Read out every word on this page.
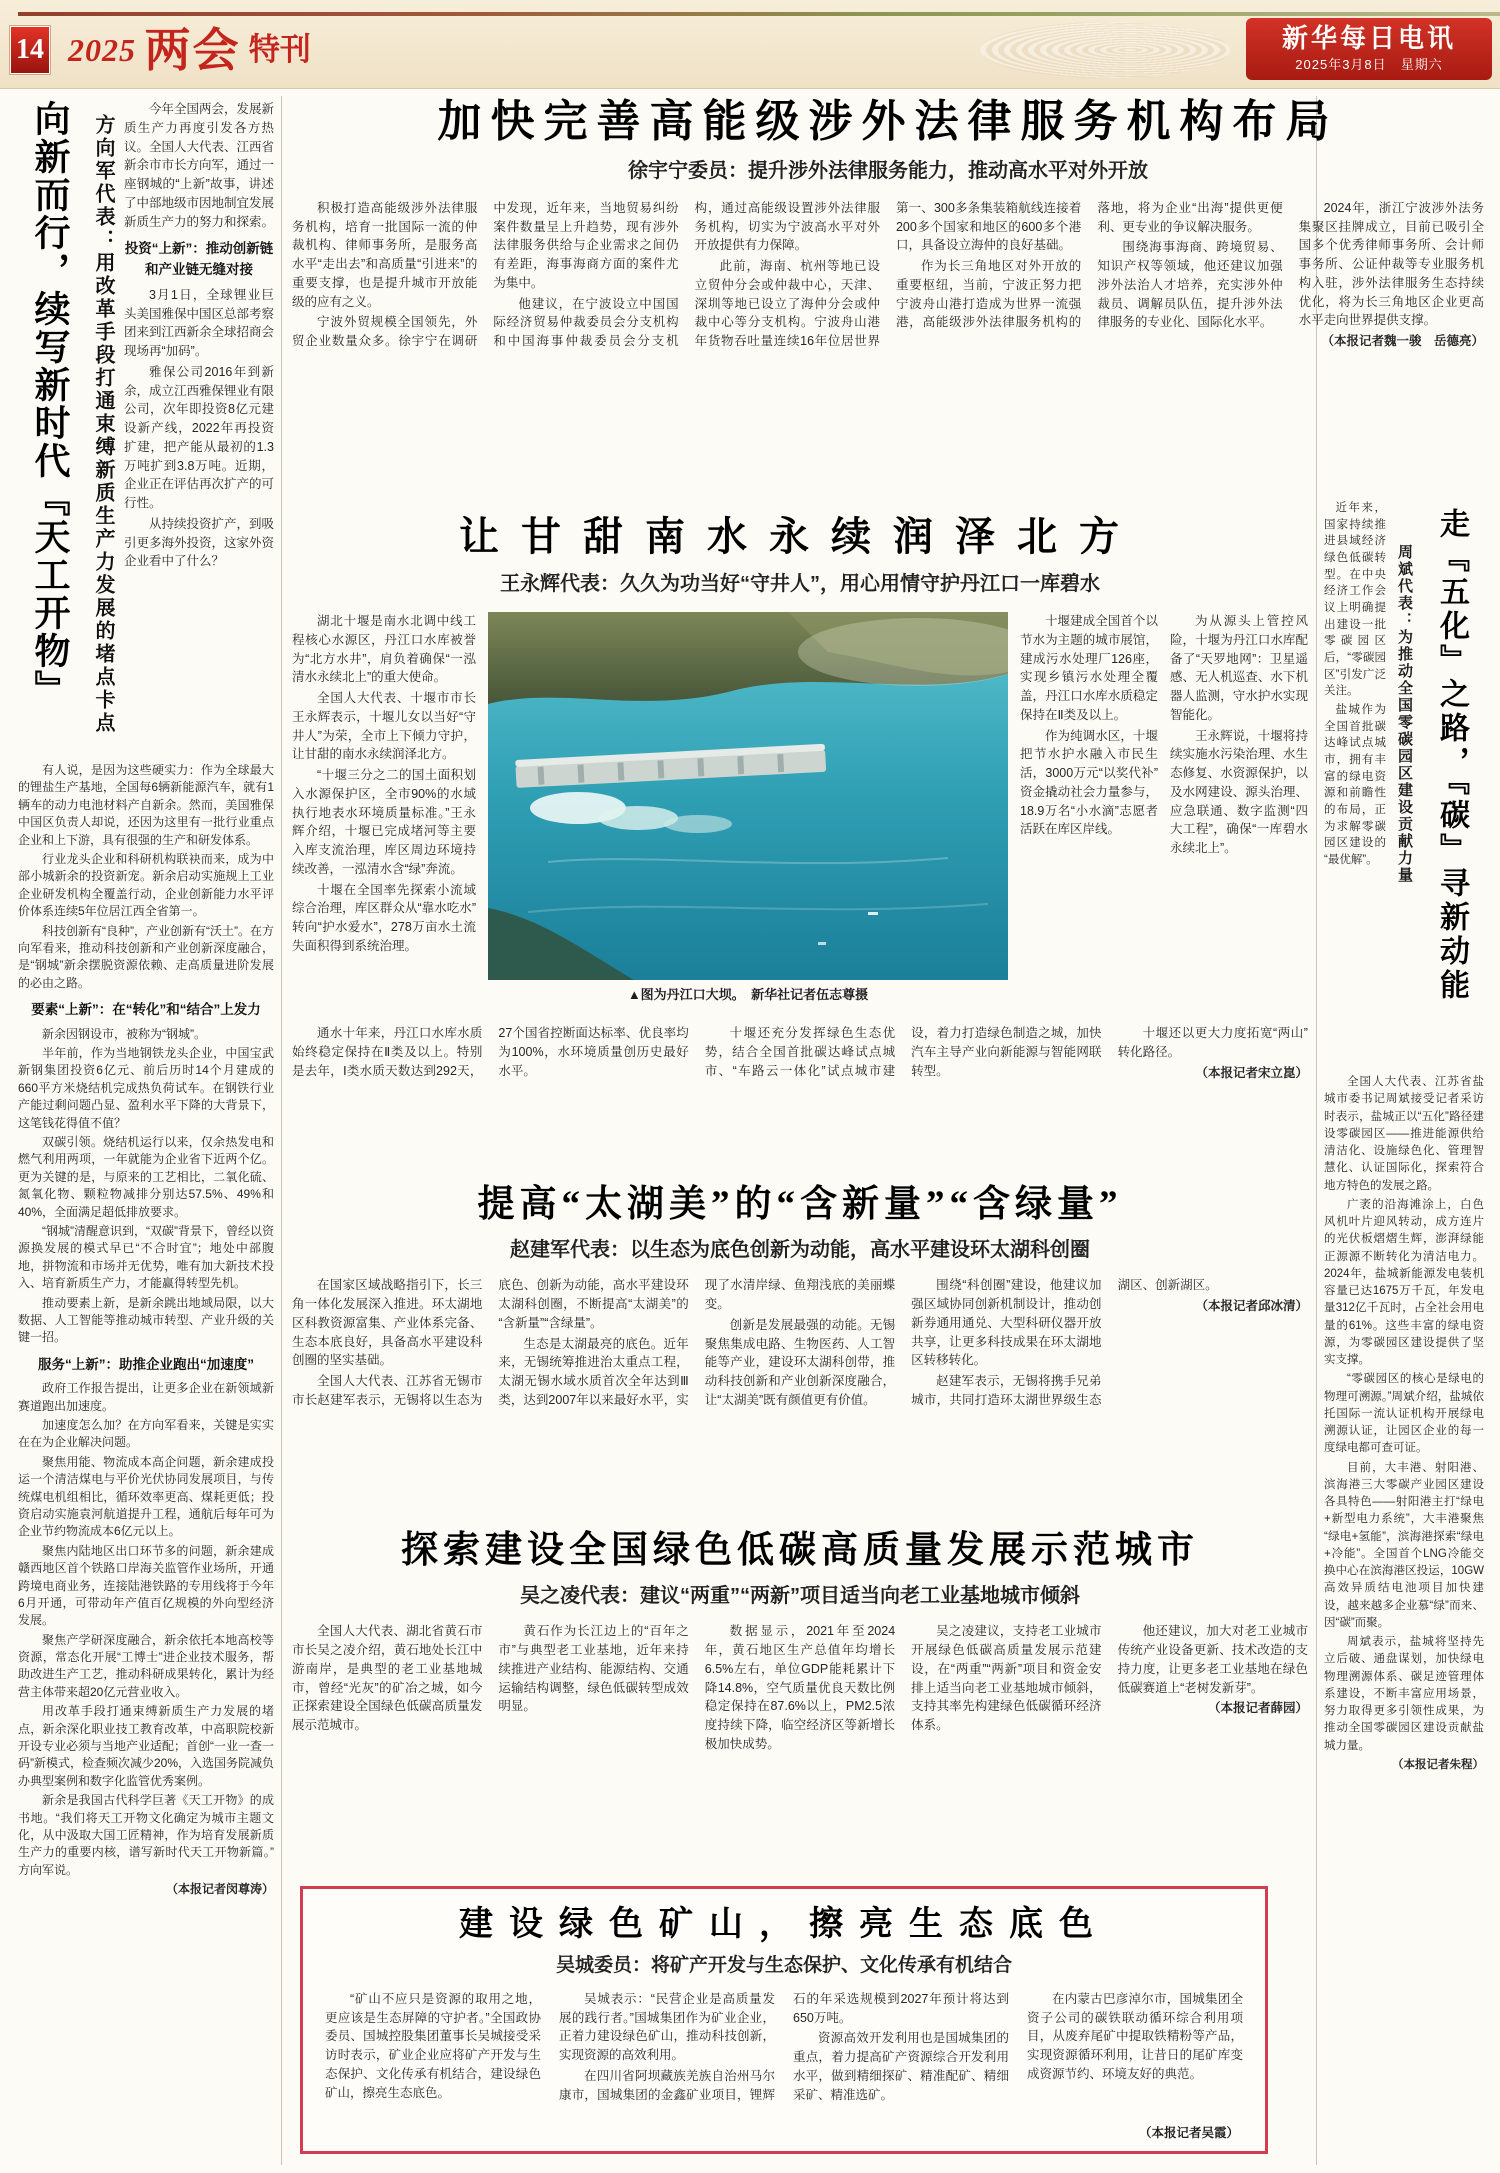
14 2025 两会 特刊	新华每日电讯
2025年3月8日　 星期六
向新而行，续写新时代『天工开物』	方向军代表：用改革手段打通束缚新质生产力发展的堵点卡点

今年全国两会，发展新质生产力再度引发各方热议。全国人大代表、江西省新余市市长方向军，通过一座钢城的“上新”故事，讲述了中部地级市因地制宜发展新质生产力的努力和探索。

投资“上新”：推动创新链和产业链无缝对接

3月1日，全球锂业巨头美国雅保中国区总部考察团来到江西新余全球招商会现场再“加码”。

雅保公司2016年到新余，成立江西雅保锂业有限公司，次年即投资8亿元建设新产线，2022年再投资扩建，把产能从最初的1.3万吨扩到3.8万吨。近期，企业正在评估再次扩产的可行性。

从持续投资扩产，到吸引更多海外投资，这家外资企业看中了什么？

有人说，是因为这些硬实力：作为全球最大的锂盐生产基地，全国每6辆新能源汽车，就有1辆车的动力电池材料产自新余。然而，美国雅保中国区负责人却说，还因为这里有一批行业重点企业和上下游，具有很强的生产和研发体系。

行业龙头企业和科研机构联袂而来，成为中部小城新余的投资新宠。新余启动实施规上工业企业研发机构全覆盖行动，企业创新能力水平评价体系连续5年位居江西全省第一。

科技创新有“良种”，产业创新有“沃土”。在方向军看来，推动科技创新和产业创新深度融合，是“钢城”新余摆脱资源依赖、走高质量进阶发展的必由之路。

要素“上新”：在“转化”和“结合”上发力

新余因钢设市，被称为“钢城”。

半年前，作为当地钢铁龙头企业，中国宝武新钢集团投资6亿元、前后历时14个月建成的660平方米烧结机完成热负荷试车。在钢铁行业产能过剩问题凸显、盈利水平下降的大背景下，这笔钱花得值不值？

双碳引领。烧结机运行以来，仅余热发电和燃气利用两项，一年就能为企业省下近两个亿。更为关键的是，与原来的工艺相比，二氧化硫、氮氧化物、颗粒物减排分别达57.5%、49%和40%，全面满足超低排放要求。

“钢城”清醒意识到，“双碳”背景下，曾经以资源换发展的模式早已“不合时宜”；地处中部腹地，拼物流和市场并无优势，唯有加大新技术投入、培育新质生产力，才能赢得转型先机。

推动要素上新，是新余跳出地域局限，以大数据、人工智能等推动城市转型、产业升级的关键一招。

服务“上新”：助推企业跑出“加速度”

政府工作报告提出，让更多企业在新领域新赛道跑出加速度。

加速度怎么加？在方向军看来，关键是实实在在为企业解决问题。

聚焦用能、物流成本高企问题，新余建成投运一个清洁煤电与平价光伏协同发展项目，与传统煤电机组相比，循环效率更高、煤耗更低；投资启动实施袁河航道提升工程，通航后每年可为企业节约物流成本6亿元以上。

聚焦内陆地区出口环节多的问题，新余建成赣西地区首个铁路口岸海关监管作业场所，开通跨境电商业务，连接陆港铁路的专用线将于今年6月开通，可带动年产值百亿规模的外向型经济发展。

聚焦产学研深度融合，新余依托本地高校等资源，常态化开展“工博士”进企业技术服务，帮助改进生产工艺，推动科研成果转化，累计为经营主体带来超20亿元营业收入。

用改革手段打通束缚新质生产力发展的堵点，新余深化职业技工教育改革，中高职院校新开设专业必须与当地产业适配；首创“一业一查一码”新模式，检查频次减少20%，入选国务院减负办典型案例和数字化监管优秀案例。

新余是我国古代科学巨著《天工开物》的成书地。“我们将天工开物文化确定为城市主题文化，从中汲取大国工匠精神，作为培育发展新质生产力的重要内核，谱写新时代天工开物新篇。”方向军说。

（本报记者闵尊涛）

加快完善高能级涉外法律服务机构布局
徐宇宁委员：提升涉外法律服务能力，推动高水平对外开放

积极打造高能级涉外法律服务机构，培育一批国际一流的仲裁机构、律师事务所，是服务高水平“走出去”和高质量“引进来”的重要支撑，也是提升城市开放能级的应有之义。

宁波外贸规模全国领先，外贸企业数量众多。徐宇宁在调研中发现，近年来，当地贸易纠纷案件数量呈上升趋势，现有涉外法律服务供给与企业需求之间仍有差距，海事海商方面的案件尤为集中。

他建议，在宁波设立中国国际经济贸易仲裁委员会分支机构和中国海事仲裁委员会分支机构，通过高能级设置涉外法律服务机构，切实为宁波高水平对外开放提供有力保障。

此前，海南、杭州等地已设立贸仲分会或仲裁中心，天津、深圳等地已设立了海仲分会或仲裁中心等分支机构。宁波舟山港年货物吞吐量连续16年位居世界第一、300多条集装箱航线连接着200多个国家和地区的600多个港口，具备设立海仲的良好基础。

作为长三角地区对外开放的重要枢纽，当前，宁波正努力把宁波舟山港打造成为世界一流强港，高能级涉外法律服务机构的落地，将为企业“出海”提供更便利、更专业的争议解决服务。

围绕海事海商、跨境贸易、知识产权等领域，他还建议加强涉外法治人才培养，充实涉外仲裁员、调解员队伍，提升涉外法律服务的专业化、国际化水平。

2024年，浙江宁波涉外法务集聚区挂牌成立，目前已吸引全国多个优秀律师事务所、会计师事务所、公证仲裁等专业服务机构入驻，涉外法律服务生态持续优化，将为长三角地区企业更高水平走向世界提供支撑。

（本报记者魏一骏　岳德亮）

让甘甜南水永续润泽北方
王永辉代表：久久为功当好“守井人”，用心用情守护丹江口一库碧水

湖北十堰是南水北调中线工程核心水源区，丹江口水库被誉为“北方水井”，肩负着确保“一泓清水永续北上”的重大使命。

全国人大代表、十堰市市长王永辉表示，十堰儿女以当好“守井人”为荣，全市上下倾力守护，让甘甜的南水永续润泽北方。

“十堰三分之二的国土面积划入水源保护区，全市90%的水域执行地表水环境质量标准。”王永辉介绍，十堰已完成堵河等主要入库支流治理，库区周边环境持续改善，一泓清水含“绿”奔流。

十堰在全国率先探索小流域综合治理，库区群众从“靠水吃水”转向“护水爱水”，278万亩水土流失面积得到系统治理。

▲图为丹江口大坝。　新华社记者伍志尊摄

十堰建成全国首个以节水为主题的城市展馆，建成污水处理厂126座，实现乡镇污水处理全覆盖，丹江口水库水质稳定保持在Ⅱ类及以上。

作为纯调水区，十堰把节水护水融入市民生活，3000万元“以奖代补”资金撬动社会力量参与，18.9万名“小水滴”志愿者活跃在库区岸线。

为从源头上管控风险，十堰为丹江口水库配备了“天罗地网”：卫星遥感、无人机巡查、水下机器人监测，守水护水实现智能化。

王永辉说，十堰将持续实施水污染治理、水生态修复、水资源保护，以及水网建设、源头治理、应急联通、数字监测“四大工程”，确保“一库碧水永续北上”。

通水十年来，丹江口水库水质始终稳定保持在Ⅱ类及以上。特别是去年，Ⅰ类水质天数达到292天，27个国省控断面达标率、优良率均为100%，水环境质量创历史最好水平。

十堰还充分发挥绿色生态优势，结合全国首批碳达峰试点城市、“车路云一体化”试点城市建设，着力打造绿色制造之城，加快汽车主导产业向新能源与智能网联转型。

十堰还以更大力度拓宽“两山”转化路径。

（本报记者宋立崑）

提高“太湖美”的“含新量”“含绿量”
赵建军代表：以生态为底色创新为动能，高水平建设环太湖科创圈

在国家区域战略指引下，长三角一体化发展深入推进。环太湖地区科教资源富集、产业体系完备、生态本底良好，具备高水平建设科创圈的坚实基础。

全国人大代表、江苏省无锡市市长赵建军表示，无锡将以生态为底色、创新为动能，高水平建设环太湖科创圈，不断提高“太湖美”的“含新量”“含绿量”。

生态是太湖最亮的底色。近年来，无锡统筹推进治太重点工程，太湖无锡水域水质首次全年达到Ⅲ类，达到2007年以来最好水平，实现了水清岸绿、鱼翔浅底的美丽蝶变。

创新是发展最强的动能。无锡聚焦集成电路、生物医药、人工智能等产业，建设环太湖科创带，推动科技创新和产业创新深度融合，让“太湖美”既有颜值更有价值。

围绕“科创圈”建设，他建议加强区域协同创新机制设计，推动创新券通用通兑、大型科研仪器开放共享，让更多科技成果在环太湖地区转移转化。

赵建军表示，无锡将携手兄弟城市，共同打造环太湖世界级生态湖区、创新湖区。

（本报记者邱冰清）

探索建设全国绿色低碳高质量发展示范城市
吴之凌代表：建议“两重”“两新”项目适当向老工业基地城市倾斜

全国人大代表、湖北省黄石市市长吴之凌介绍，黄石地处长江中游南岸，是典型的老工业基地城市，曾经“光灰”的矿冶之城，如今正探索建设全国绿色低碳高质量发展示范城市。

黄石作为长江边上的“百年之市”与典型老工业基地，近年来持续推进产业结构、能源结构、交通运输结构调整，绿色低碳转型成效明显。

数据显示，2021年至2024年，黄石地区生产总值年均增长6.5%左右，单位GDP能耗累计下降14.8%，空气质量优良天数比例稳定保持在87.6%以上，PM2.5浓度持续下降，临空经济区等新增长极加快成势。

吴之凌建议，支持老工业城市开展绿色低碳高质量发展示范建设，在“两重”“两新”项目和资金安排上适当向老工业基地城市倾斜，支持其率先构建绿色低碳循环经济体系。

他还建议，加大对老工业城市传统产业设备更新、技术改造的支持力度，让更多老工业基地在绿色低碳赛道上“老树发新芽”。

（本报记者薛园）

建设绿色矿山，擦亮生态底色
吴城委员：将矿产开发与生态保护、文化传承有机结合

“矿山不应只是资源的取用之地，更应该是生态屏障的守护者。”全国政协委员、国城控股集团董事长吴城接受采访时表示，矿业企业应将矿产开发与生态保护、文化传承有机结合，建设绿色矿山，擦亮生态底色。

吴城表示：“民营企业是高质量发展的践行者。”国城集团作为矿业企业，正着力建设绿色矿山，推动科技创新，实现资源的高效利用。

在四川省阿坝藏族羌族自治州马尔康市，国城集团的金鑫矿业项目，锂辉石的年采选规模到2027年预计将达到650万吨。

资源高效开发利用也是国城集团的重点，着力提高矿产资源综合开发利用水平，做到精细探矿、精准配矿、精细采矿、精准选矿。

在内蒙古巴彦淖尔市，国城集团全资子公司的碳铁联动循环综合利用项目，从废弃尾矿中提取铁精粉等产品，实现资源循环利用，让昔日的尾矿库变成资源节约、环境友好的典范。

（本报记者吴霞）

近年来，国家持续推进县域经济绿色低碳转型。在中央经济工作会议上明确提出建设一批零碳园区后，“零碳园区”引发广泛关注。

盐城作为全国首批碳达峰试点城市，拥有丰富的绿电资源和前瞻性的布局，正为求解零碳园区建设的“最优解”。	周斌代表：为推动全国零碳园区建设贡献力量 走『五化』之路，『碳』寻新动能

全国人大代表、江苏省盐城市委书记周斌接受记者采访时表示，盐城正以“五化”路径建设零碳园区——推进能源供给清洁化、设施绿色化、管理智慧化、认证国际化，探索符合地方特色的发展之路。

广袤的沿海滩涂上，白色风机叶片迎风转动，成方连片的光伏板熠熠生辉，澎湃绿能正源源不断转化为清洁电力。2024年，盐城新能源发电装机容量已达1675万千瓦，年发电量312亿千瓦时，占全社会用电量的61%。这些丰富的绿电资源，为零碳园区建设提供了坚实支撑。

“零碳园区的核心是绿电的物理可溯源。”周斌介绍，盐城依托国际一流认证机构开展绿电溯源认证，让园区企业的每一度绿电都可查可证。

目前，大丰港、射阳港、滨海港三大零碳产业园区建设各具特色——射阳港主打“绿电+新型电力系统”，大丰港聚焦“绿电+氢能”，滨海港探索“绿电+冷能”。全国首个LNG冷能交换中心在滨海港区投运，10GW高效异质结电池项目加快建设，越来越多企业慕“绿”而来、因“碳”而聚。

周斌表示，盐城将坚持先立后破、通盘谋划，加快绿电物理溯源体系、碳足迹管理体系建设，不断丰富应用场景，努力取得更多引领性成果，为推动全国零碳园区建设贡献盐城力量。

（本报记者朱程）
